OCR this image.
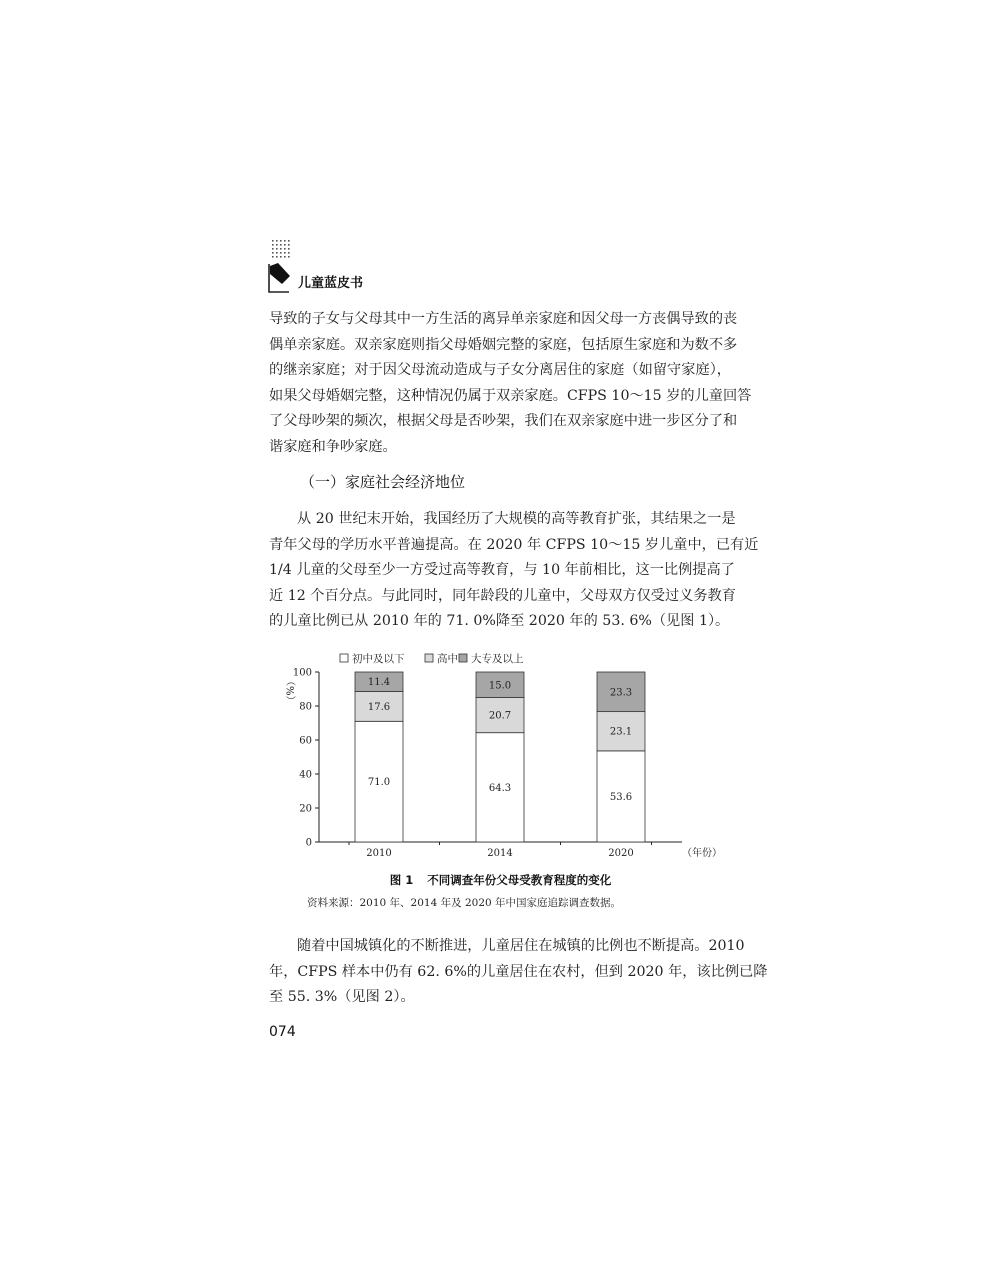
儿童蓝皮书
导致的子女与父母其中一方生活的离异单亲家庭和因父母一方丧偶导致的丧
偶单亲家庭。双亲家庭则指父母婚姻完整的家庭，包括原生家庭和为数不多
的继亲家庭；对于因父母流动造成与子女分离居住的家庭（如留守家庭），
如果父母婚姻完整，这种情况仍属于双亲家庭。CFPS 10～15 岁的儿童回答
了父母吵架的频次，根据父母是否吵架，我们在双亲家庭中进一步区分了和
谐家庭和争吵家庭。
（一）家庭社会经济地位
从 20 世纪末开始，我国经历了大规模的高等教育扩张，其结果之一是
青年父母的学历水平普遍提高。在 2020 年 CFPS 10～15 岁儿童中，已有近
1/4 儿童的父母至少一方受过高等教育，与 10 年前相比，这一比例提高了
近 12 个百分点。与此同时，同年龄段的儿童中，父母双方仅受过义务教育
的儿童比例已从 2010 年的 71. 0%降至 2020 年的 53. 6%（见图 1）。
初中及以下	高中 大专及以上
71.0
17.6
11.4
64.3
20.7
15.0
53.6
23.1
23.3
0
20
40
60
80
100
（%）
2010	2014	2020	（年份）
图 1 不同调查年份父母受教育程度的变化
资料来源：2010 年、2014 年及 2020 年中国家庭追踪调查数据。
随着中国城镇化的不断推进，儿童居住在城镇的比例也不断提高。2010
年，CFPS 样本中仍有 62. 6%的儿童居住在农村，但到 2020 年，该比例已降
至 55. 3%（见图 2）。
074
